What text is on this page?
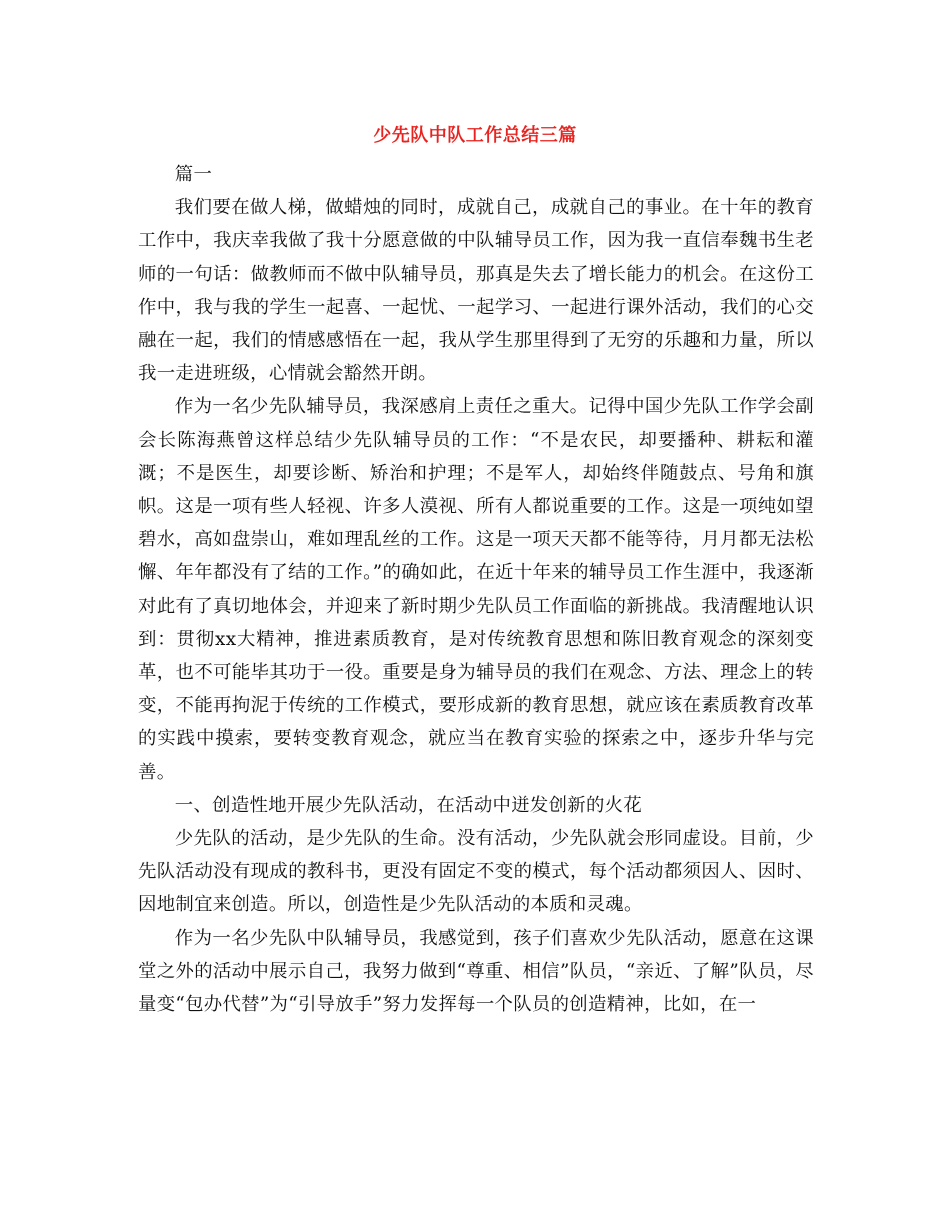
少先队中队工作总结三篇

篇一

我们要在做人梯，做蜡烛的同时，成就自己，成就自己的事业。在十年的教育工作中，我庆幸我做了我十分愿意做的中队辅导员工作，因为我一直信奉魏书生老师的一句话：做教师而不做中队辅导员，那真是失去了增长能力的机会。在这份工作中，我与我的学生一起喜、一起忧、一起学习、一起进行课外活动，我们的心交融在一起，我们的情感感悟在一起，我从学生那里得到了无穷的乐趣和力量，所以我一走进班级，心情就会豁然开朗。

作为一名少先队辅导员，我深感肩上责任之重大。记得中国少先队工作学会副会长陈海燕曾这样总结少先队辅导员的工作：“不是农民，却要播种、耕耘和灌溉；不是医生，却要诊断、矫治和护理；不是军人，却始终伴随鼓点、号角和旗帜。这是一项有些人轻视、许多人漠视、所有人都说重要的工作。这是一项纯如望碧水，高如盘崇山，难如理乱丝的工作。这是一项天天都不能等待，月月都无法松懈、年年都没有了结的工作。”的确如此，在近十年来的辅导员工作生涯中，我逐渐对此有了真切地体会，并迎来了新时期少先队员工作面临的新挑战。我清醒地认识到：贯彻xx大精神，推进素质教育，是对传统教育思想和陈旧教育观念的深刻变革，也不可能毕其功于一役。重要是身为辅导员的我们在观念、方法、理念上的转变，不能再拘泥于传统的工作模式，要形成新的教育思想，就应该在素质教育改革的实践中摸索，要转变教育观念，就应当在教育实验的探索之中，逐步升华与完善。

一、创造性地开展少先队活动，在活动中迸发创新的火花

少先队的活动，是少先队的生命。没有活动，少先队就会形同虚设。目前，少先队活动没有现成的教科书，更没有固定不变的模式，每个活动都须因人、因时、因地制宜来创造。所以，创造性是少先队活动的本质和灵魂。

作为一名少先队中队辅导员，我感觉到，孩子们喜欢少先队活动，愿意在这课堂之外的活动中展示自己，我努力做到“尊重、相信”队员，“亲近、了解”队员，尽量变“包办代替”为“引导放手”努力发挥每一个队员的创造精神，比如，在一
